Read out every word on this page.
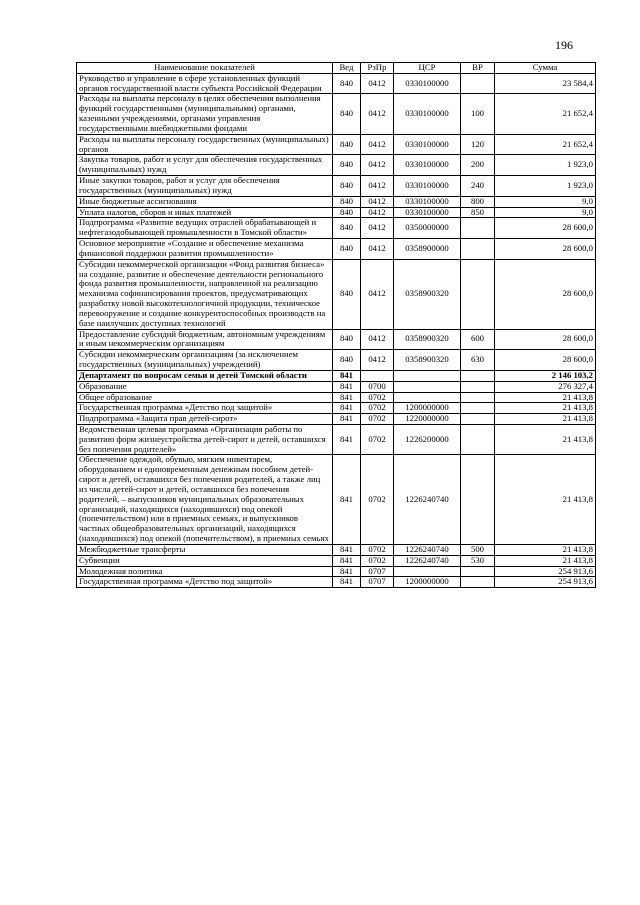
196
Наименование показателей	Вед	РзПр	ЦСР	ВР	Сумма
Руководство и управление в сфере установленных функций органов государственной власти субъекта Российской Федерации	840	0412	0330100000		23 584,4
Расходы на выплаты персоналу в целях обеспечения выполнения функций государственными (муниципальными) органами, казенными учреждениями, органами управления государственными внебюджетными фондами	840	0412	0330100000	100	21 652,4
Расходы на выплаты персоналу государственных (муниципальных) органов	840	0412	0330100000	120	21 652,4
Закупка товаров, работ и услуг для обеспечения государственных (муниципальных) нужд	840	0412	0330100000	200	1 923,0
Иные закупки товаров, работ и услуг для обеспечения государственных (муниципальных) нужд	840	0412	0330100000	240	1 923,0
Иные бюджетные ассигнования	840	0412	0330100000	800	9,0
Уплата налогов, сборов и иных платежей	840	0412	0330100000	850	9,0
Подпрограмма «Развитие ведущих отраслей обрабатывающей и нефтегазодобывающей промышленности в Томской области»	840	0412	0350000000		28 600,0
Основное мероприятие «Создание и обеспечение механизма финансовой поддержки развития промышленности»	840	0412	0358900000		28 600,0
Субсидии некоммерческой организации «Фонд развития бизнеса» на создание, развитие и обеспечение деятельности регионального фонда развития промышленности, направленной на реализацию механизма софинансирования проектов, предусматривающих разработку новой высокотехнологичной продукции, техническое перевооружение и создание конкурентоспособных производств на базе наилучших доступных технологий	840	0412	0358900320		28 600,0
Предоставление субсидий бюджетным, автономным учреждениям и иным некоммерческим организациям	840	0412	0358900320	600	28 600,0
Субсидии некоммерческим организациям (за исключением государственных (муниципальных) учреждений)	840	0412	0358900320	630	28 600,0
Департамент по вопросам семьи и детей Томской области	841				2 146 103,2
Образование	841	0700			276 327,4
Общее образование	841	0702			21 413,8
Государственная программа «Детство под защитой»	841	0702	1200000000		21 413,8
Подпрограмма «Защита прав детей-сирот»	841	0702	1220000000		21 413,8
Ведомственная целевая программа «Организация работы по развитию форм жизнеустройства детей-сирот и детей, оставшихся без попечения родителей»	841	0702	1226200000		21 413,8
Обеспечение одеждой, обувью, мягким инвентарем, оборудованием и единовременным денежным пособием детей-сирот и детей, оставшихся без попечения родителей, а также лиц из числа детей-сирот и детей, оставшихся без попечения родителей, – выпускников муниципальных образовательных организаций, находящихся (находившихся) под опекой (попечительством) или в приемных семьях, и выпускников частных общеобразовательных организаций, находящихся (находившихся) под опекой (попечительством), в приемных семьях	841	0702	1226240740		21 413,8
Межбюджетные трансферты	841	0702	1226240740	500	21 413,8
Субвенции	841	0702	1226240740	530	21 413,8
Молодежная политика	841	0707			254 913,6
Государственная программа «Детство под защитой»	841	0707	1200000000		254 913,6
